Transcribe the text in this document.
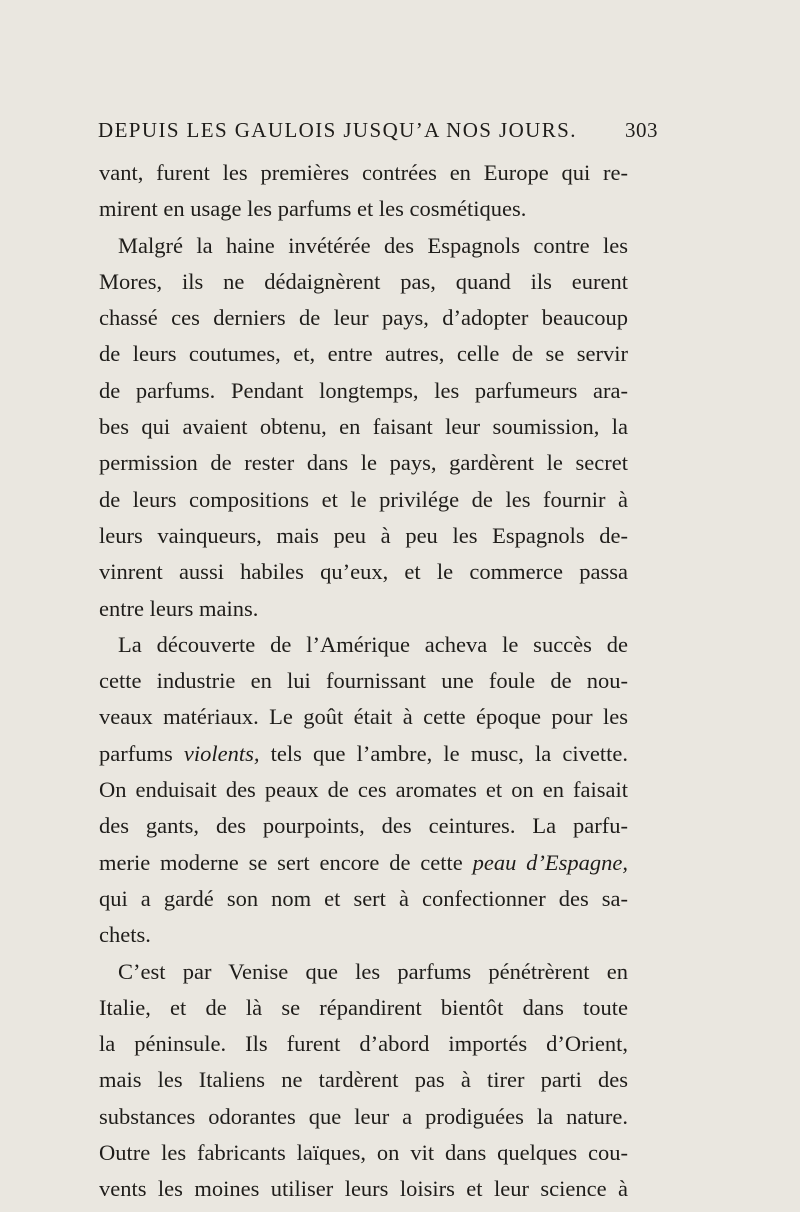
DEPUIS LES GAULOIS JUSQU’A NOS JOURS. 303
vant, furent les premières contrées en Europe qui re-
mirent en usage les parfums et les cosmétiques.
Malgré la haine invétérée des Espagnols contre les
Mores, ils ne dédaignèrent pas, quand ils eurent
chassé ces derniers de leur pays, d’adopter beaucoup
de leurs coutumes, et, entre autres, celle de se servir
de parfums. Pendant longtemps, les parfumeurs ara-
bes qui avaient obtenu, en faisant leur soumission, la
permission de rester dans le pays, gardèrent le secret
de leurs compositions et le privilége de les fournir à
leurs vainqueurs, mais peu à peu les Espagnols de-
vinrent aussi habiles qu’eux, et le commerce passa
entre leurs mains.
La découverte de l’Amérique acheva le succès de
cette industrie en lui fournissant une foule de nou-
veaux matériaux. Le goût était à cette époque pour les
parfums violents, tels que l’ambre, le musc, la civette.
On enduisait des peaux de ces aromates et on en faisait
des gants, des pourpoints, des ceintures. La parfu-
merie moderne se sert encore de cette peau d’Espagne,
qui a gardé son nom et sert à confectionner des sa-
chets.
C’est par Venise que les parfums pénétrèrent en
Italie, et de là se répandirent bientôt dans toute
la péninsule. Ils furent d’abord importés d’Orient,
mais les Italiens ne tardèrent pas à tirer parti des
substances odorantes que leur a prodiguées la nature.
Outre les fabricants laïques, on vit dans quelques cou-
vents les moines utiliser leurs loisirs et leur science à
